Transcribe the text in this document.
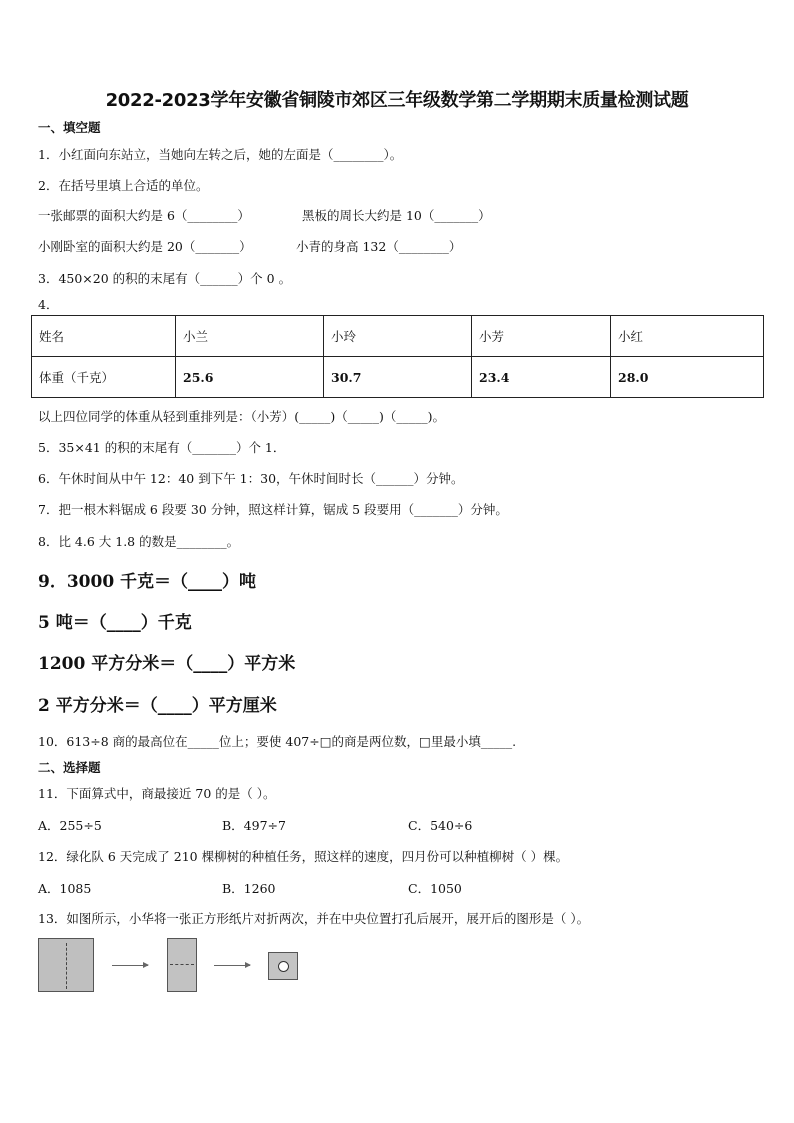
2022-2023学年安徽省铜陵市郊区三年级数学第二学期期末质量检测试题
一、填空题
1．小红面向东站立，当她向左转之后，她的左面是（________）。
2．在括号里填上合适的单位。
一张邮票的面积大约是 6（________）	黑板的周长大约是 10（_______）
小刚卧室的面积大约是 20（_______）	小青的身高 132（________）
3．450×20 的积的末尾有（______）个 0 。
4．
姓名	小兰	小玲	小芳	小红
体重（千克）	25.6	30.7	23.4	28.0
以上四位同学的体重从轻到重排列是：（小芳）(_____)（_____)（_____)。
5．35×41 的积的末尾有（_______）个 1．
6．午休时间从中午 12：40 到下午 1：30，午休时间时长（______）分钟。
7．把一根木料锯成 6 段要 30 分钟，照这样计算，锯成 5 段要用（_______）分钟。
8．比 4.6 大 1.8 的数是________。
9．3000 千克＝（____）吨
5 吨＝（____）千克
1200 平方分米＝（____）平方米
2 平方分米＝（____）平方厘米
10．613÷8 商的最高位在_____位上；要使 407÷□的商是两位数，□里最小填_____.
二、选择题
11．下面算式中，商最接近 70 的是（ ）。
A．255÷5	B．497÷7	C．540÷6
12．绿化队 6 天完成了 210 棵柳树的种植任务，照这样的速度，四月份可以种植柳树（ ）棵。
A．1085	B．1260	C．1050
13．如图所示，小华将一张正方形纸片对折两次，并在中央位置打孔后展开，展开后的图形是（ ）。
